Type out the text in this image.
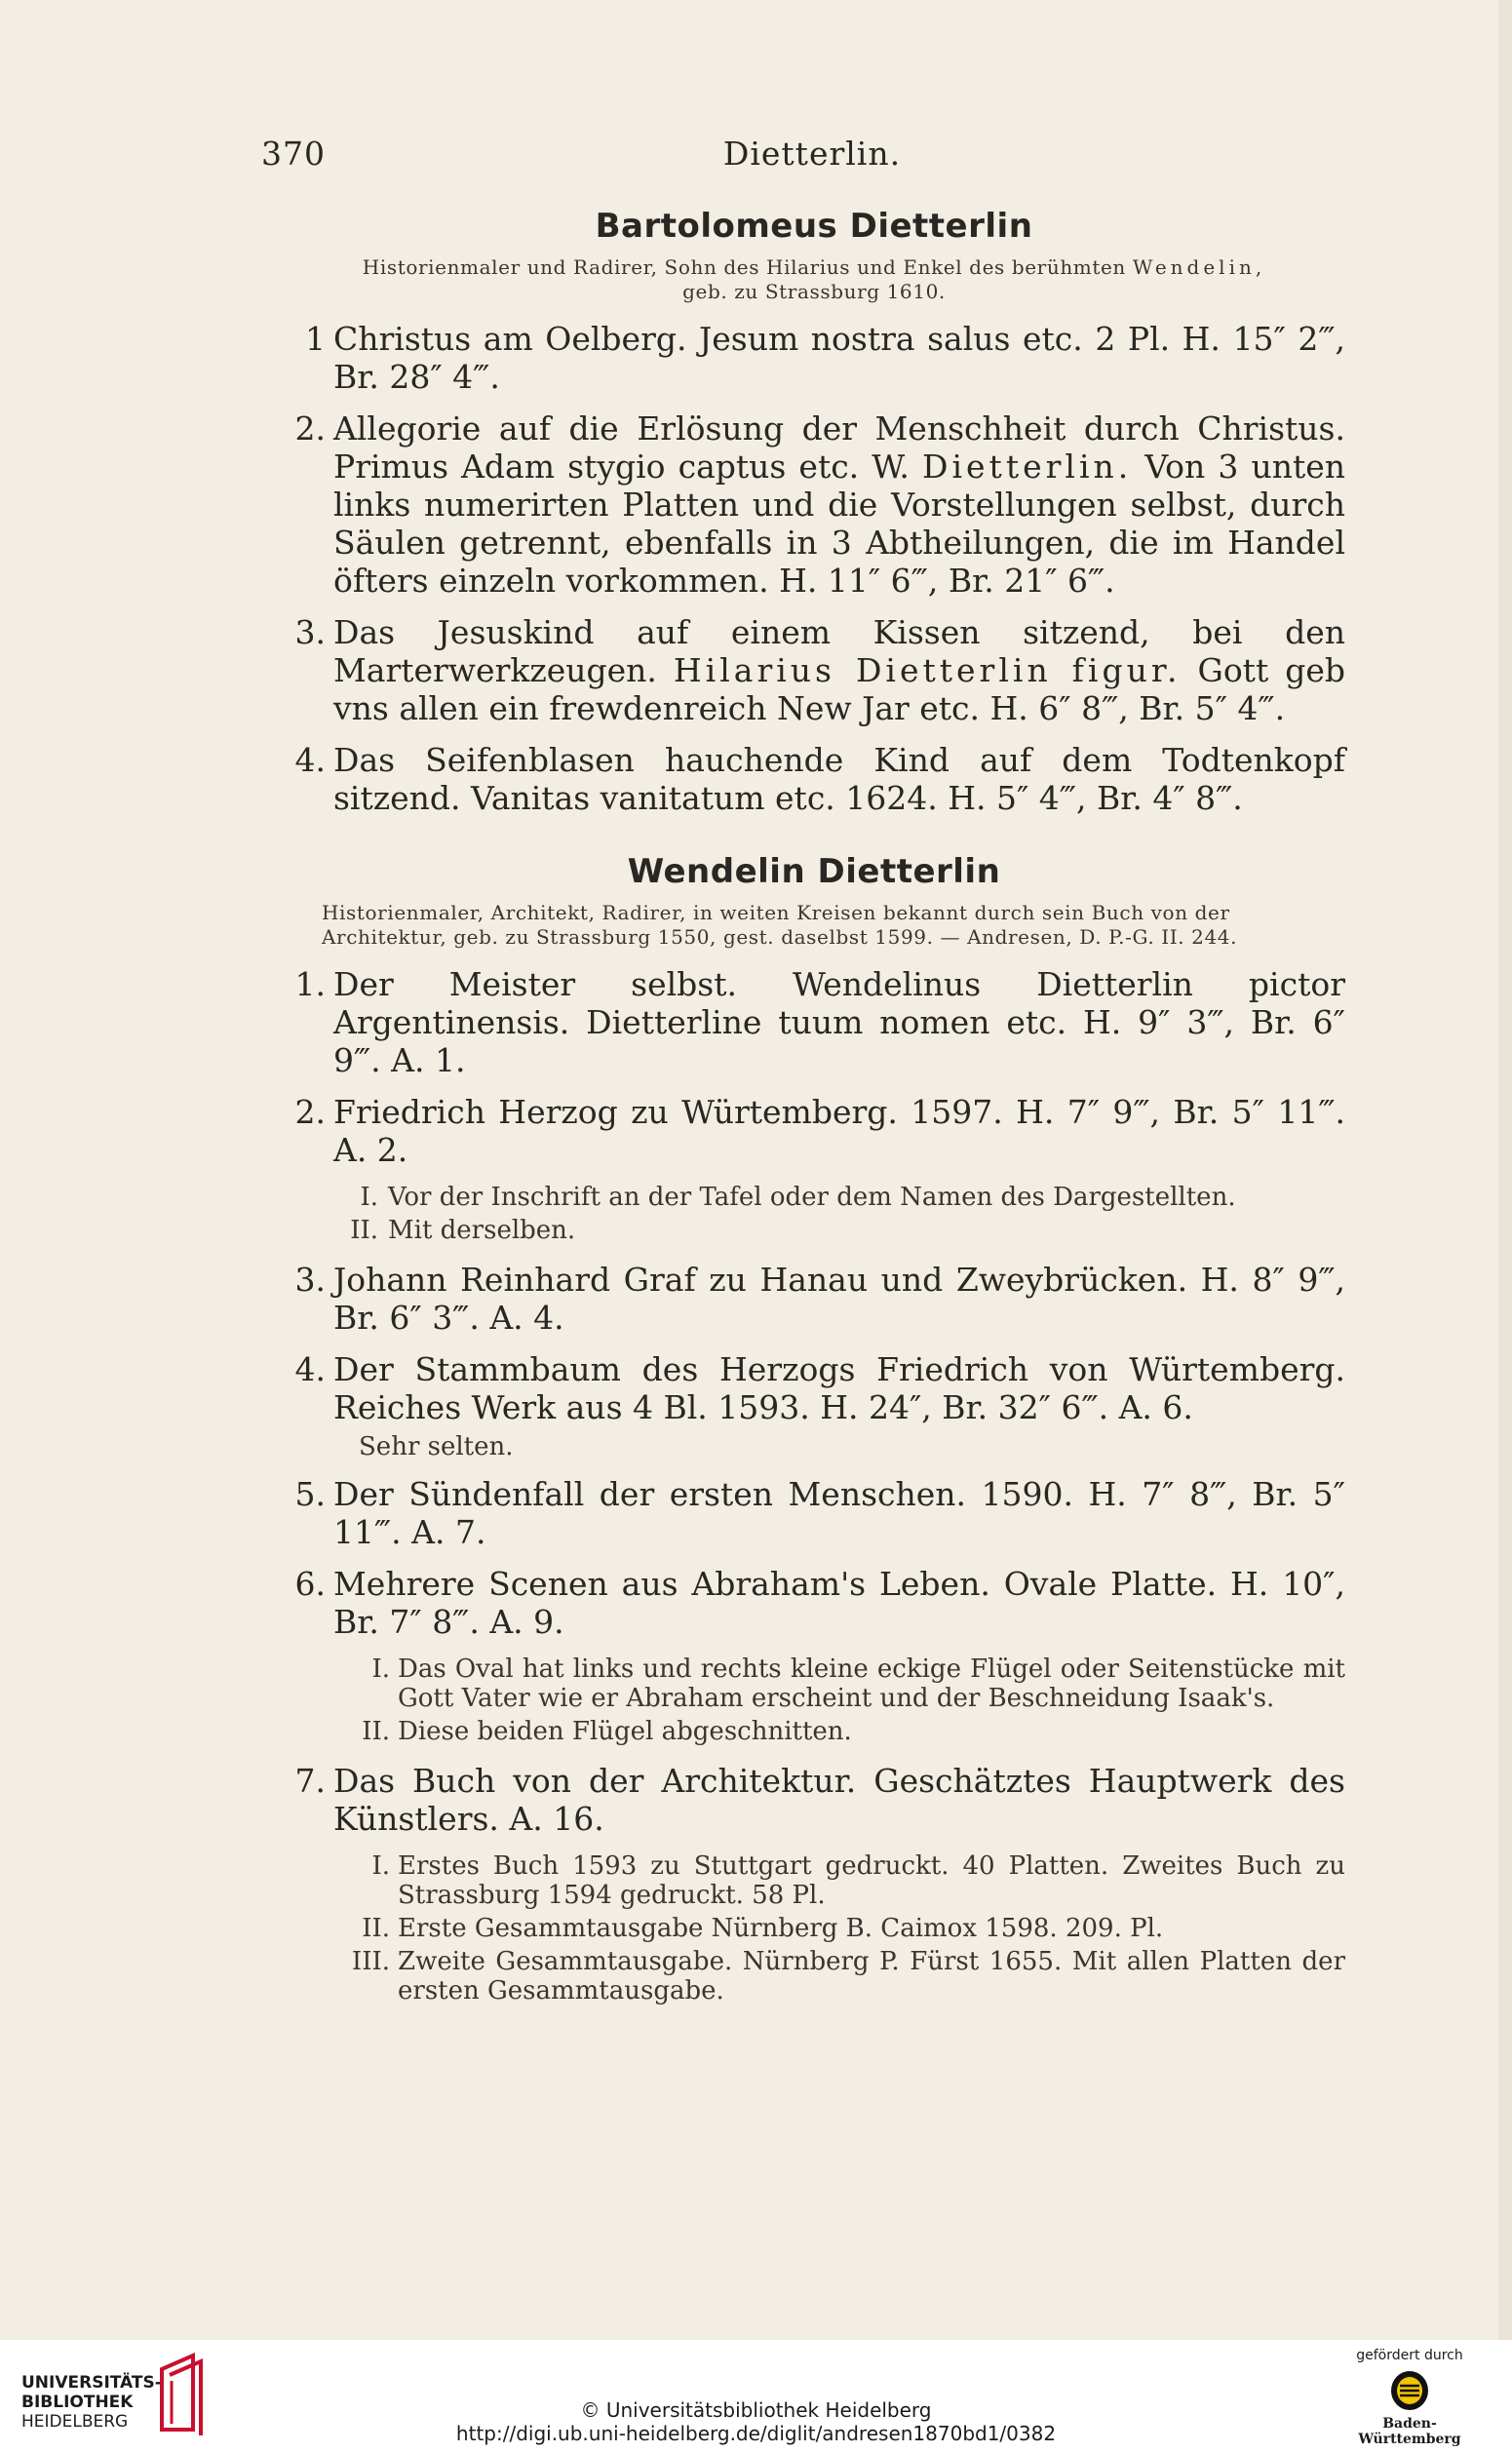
370	Dietterlin.
Bartolomeus Dietterlin
Historienmaler und Radirer, Sohn des Hilarius und Enkel des berühmten Wendelin,
geb. zu Strassburg 1610.
1 Christus am Oelberg. Jesum nostra salus etc. 2 Pl. H. 15″ 2‴, Br. 28″ 4‴.
2. Allegorie auf die Erlösung der Menschheit durch Christus. Primus Adam stygio captus etc. W. Dietterlin. Von 3 unten links numerirten Platten und die Vorstellungen selbst, durch Säulen getrennt, ebenfalls in 3 Abtheilungen, die im Handel öfters einzeln vorkommen. H. 11″ 6‴, Br. 21″ 6‴.
3. Das Jesuskind auf einem Kissen sitzend, bei den Marterwerkzeugen. Hilarius Dietterlin figur. Gott geb vns allen ein frewdenreich New Jar etc. H. 6″ 8‴, Br. 5″ 4‴.
4. Das Seifenblasen hauchende Kind auf dem Todtenkopf sitzend. Vanitas vanitatum etc. 1624. H. 5″ 4‴, Br. 4″ 8‴.
Wendelin Dietterlin
Historienmaler, Architekt, Radirer, in weiten Kreisen bekannt durch sein Buch von der Architektur, geb. zu Strassburg 1550, gest. daselbst 1599. — Andresen, D. P.-G. II. 244.
1. Der Meister selbst. Wendelinus Dietterlin pictor Argentinensis. Dietterline tuum nomen etc. H. 9″ 3‴, Br. 6″ 9‴. A. 1.
2. Friedrich Herzog zu Würtemberg. 1597. H. 7″ 9‴, Br. 5″ 11‴. A. 2.
I. Vor der Inschrift an der Tafel oder dem Namen des Dargestellten.
II. Mit derselben.
3. Johann Reinhard Graf zu Hanau und Zweybrücken. H. 8″ 9‴, Br. 6″ 3‴. A. 4.
4. Der Stammbaum des Herzogs Friedrich von Würtemberg. Reiches Werk aus 4 Bl. 1593. H. 24″, Br. 32″ 6‴. A. 6.
Sehr selten.
5. Der Sündenfall der ersten Menschen. 1590. H. 7″ 8‴, Br. 5″ 11‴. A. 7.
6. Mehrere Scenen aus Abraham's Leben. Ovale Platte. H. 10″, Br. 7″ 8‴. A. 9.
I. Das Oval hat links und rechts kleine eckige Flügel oder Seitenstücke mit Gott Vater wie er Abraham erscheint und der Beschneidung Isaak's.
II. Diese beiden Flügel abgeschnitten.
7. Das Buch von der Architektur. Geschätztes Hauptwerk des Künstlers. A. 16.
I. Erstes Buch 1593 zu Stuttgart gedruckt. 40 Platten. Zweites Buch zu Strassburg 1594 gedruckt. 58 Pl.
II. Erste Gesammtausgabe Nürnberg B. Caimox 1598. 209. Pl.
III. Zweite Gesammtausgabe. Nürnberg P. Fürst 1655. Mit allen Platten der ersten Gesammtausgabe.
UNIVERSITÄTS-
BIBLIOTHEK
HEIDELBERG	© Universitätsbibliothek Heidelberg
http://digi.ub.uni-heidelberg.de/diglit/andresen1870bd1/0382
gefördert durch
Baden-Württemberg
